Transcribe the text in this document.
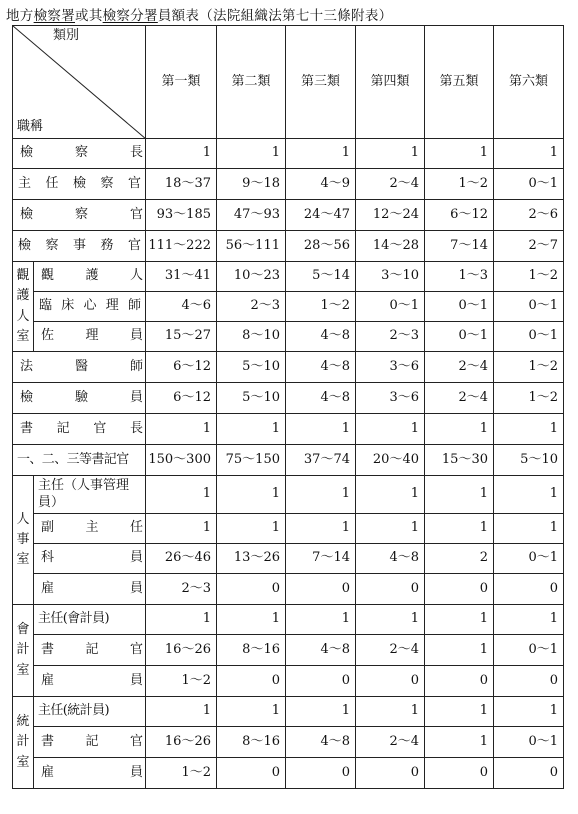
地方檢察署或其檢察分署員額表（法院組織法第七十三條附表）
類別
職稱		第一類	第二類	第三類	第四類	第五類	第六類
檢察長		1	1	1	1	1	1
主任檢察官		18～37	9～18	4～9	2～4	1～2	0～1
檢察官		93～185	47～93	24～47	12～24	6～12	2～6
檢察事務官		111～222	56～111	28～56	14～28	7～14	2～7
觀護人室	觀護人	31～41	10～23	5～14	3～10	1～3	1～2
	臨床心理師	4～6	2～3	1～2	0～1	0～1	0～1
	佐理員	15～27	8～10	4～8	2～3	0～1	0～1
法醫師		6～12	5～10	4～8	3～6	2～4	1～2
檢驗員		6～12	5～10	4～8	3～6	2～4	1～2
書記官長		1	1	1	1	1	1
一、二、三等書記官		150～300	75～150	37～74	20～40	15～30	5～10
人事室	主任（人事管理員）	1	1	1	1	1	1
	副主任	1	1	1	1	1	1
	科員	26～46	13～26	7～14	4～8	2	0～1
	雇員	2～3	0	0	0	0	0
會計室	主任(會計員)	1	1	1	1	1	1
	書記官	16～26	8～16	4～8	2～4	1	0～1
	雇員	1～2	0	0	0	0	0
統計室	主任(統計員)	1	1	1	1	1	1
	書記官	16～26	8～16	4～8	2～4	1	0～1
	雇員	1～2	0	0	0	0	0
